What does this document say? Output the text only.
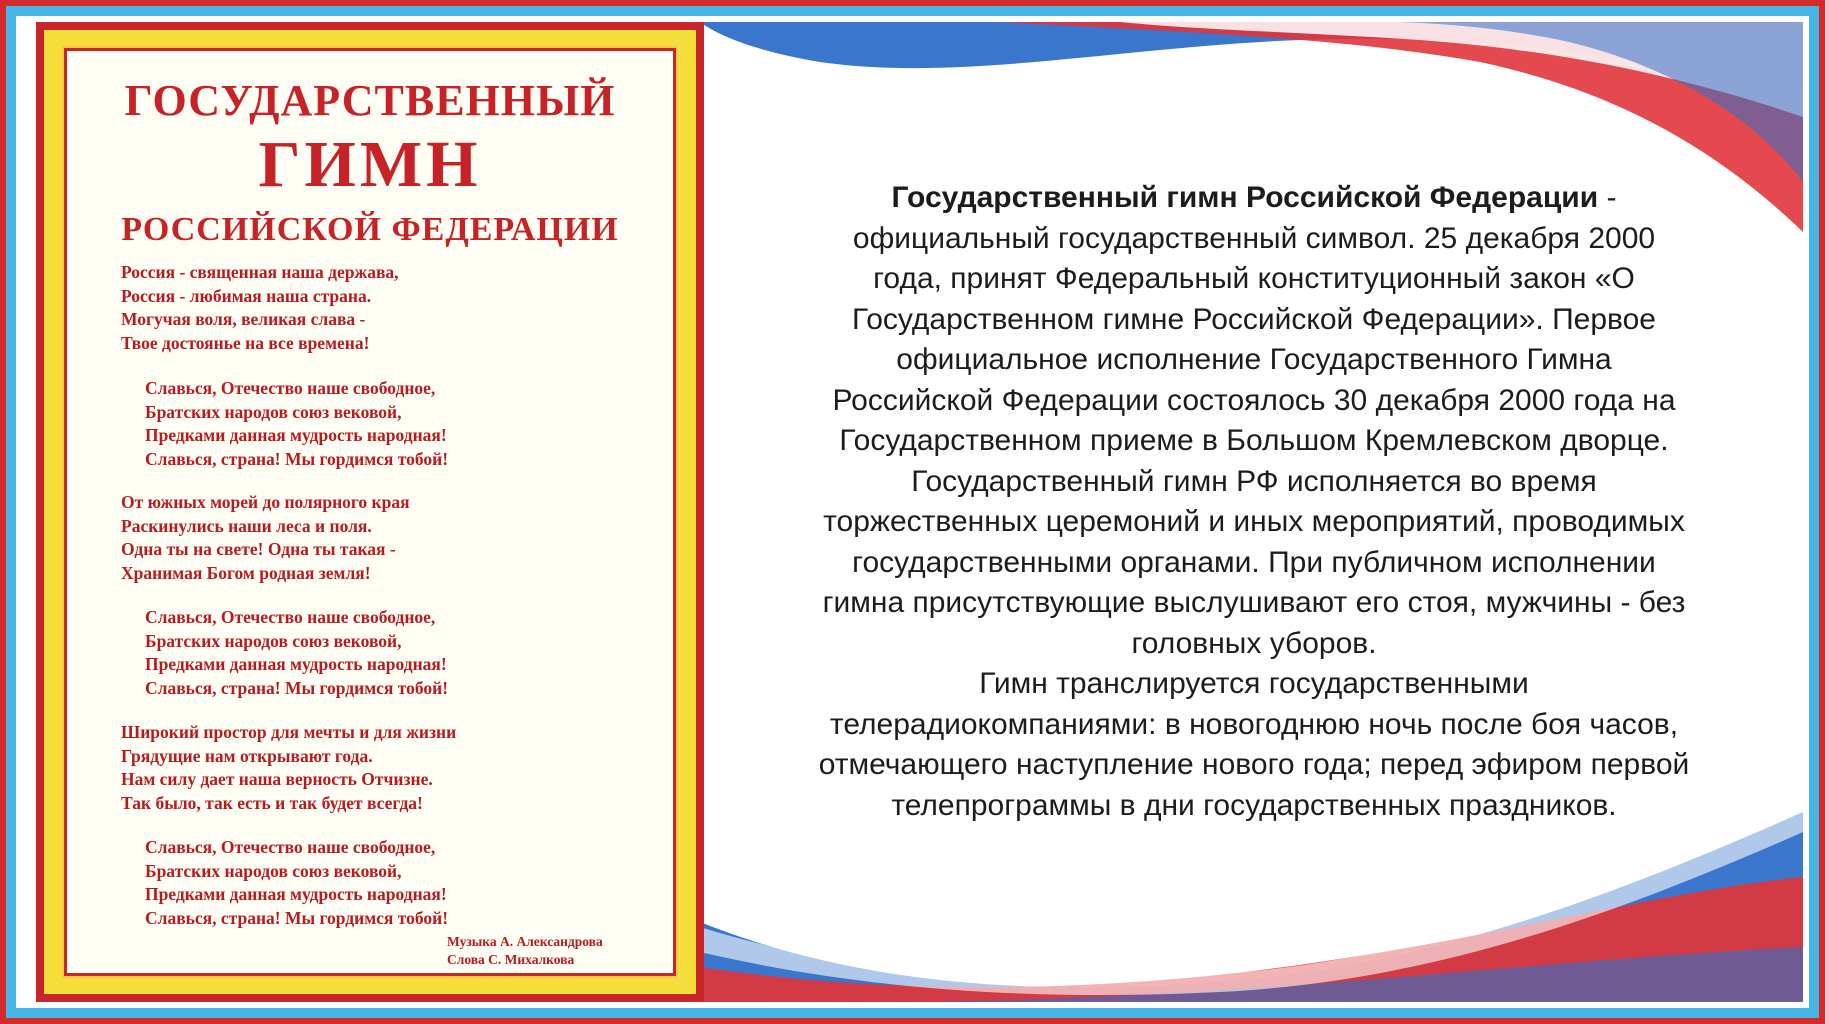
ГОСУДАРСТВЕННЫЙ
ГИМН
РОССИЙСКОЙ ФЕДЕРАЦИИ
Россия - священная наша держава,
Россия - любимая наша страна.
Могучая воля, великая слава -
Твое достоянье на все времена!
Славься, Отечество наше свободное,
Братских народов союз вековой,
Предками данная мудрость народная!
Славься, страна! Мы гордимся тобой!
От южных морей до полярного края
Раскинулись наши леса и поля.
Одна ты на свете! Одна ты такая -
Хранимая Богом родная земля!
Славься, Отечество наше свободное,
Братских народов союз вековой,
Предками данная мудрость народная!
Славься, страна! Мы гордимся тобой!
Широкий простор для мечты и для жизни
Грядущие нам открывают года.
Нам силу дает наша верность Отчизне.
Так было, так есть и так будет всегда!
Славься, Отечество наше свободное,
Братских народов союз вековой,
Предками данная мудрость народная!
Славься, страна! Мы гордимся тобой!
Музыка А. Александрова
Слова С. Михалкова
Государственный гимн Российской Федерации -
официальный государственный символ. 25 декабря 2000
года, принят Федеральный конституционный закон «О
Государственном гимне Российской Федерации». Первое
официальное исполнение Государственного Гимна
Российской Федерации состоялось 30 декабря 2000 года на
Государственном приеме в Большом Кремлевском дворце.
Государственный гимн РФ исполняется во время
торжественных церемоний и иных мероприятий, проводимых
государственными органами. При публичном исполнении
гимна присутствующие выслушивают его стоя, мужчины - без
головных уборов.
Гимн транслируется государственными
телерадиокомпаниями: в новогоднюю ночь после боя часов,
отмечающего наступление нового года; перед эфиром первой
телепрограммы в дни государственных праздников.
